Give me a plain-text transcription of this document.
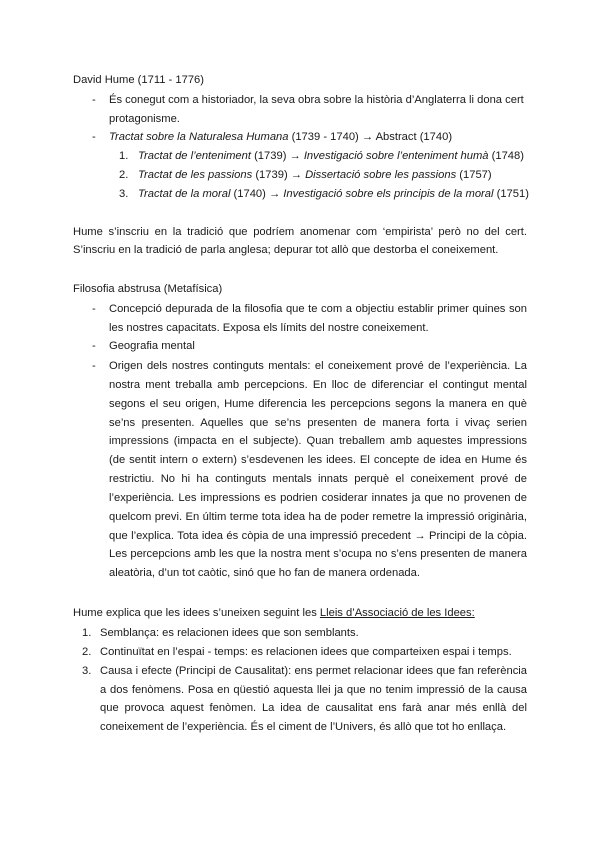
David Hume (1711 - 1776)

- És conegut com a historiador, la seva obra sobre la història d’Anglaterra li dona cert protagonisme.

- Tractat sobre la Naturalesa Humana (1739 - 1740) → Abstract (1740)

1. Tractat de l’enteniment (1739) → Investigació sobre l’enteniment humà (1748)

2. Tractat de les passions (1739) → Dissertació sobre les passions (1757)

3. Tractat de la moral (1740) → Investigació sobre els principis de la moral (1751)

Hume s’inscriu en la tradició que podríem anomenar com ‘empirista’ però no del cert. S’inscriu en la tradició de parla anglesa; depurar tot allò que destorba el coneixement.

Filosofia abstrusa (Metafísica)

- Concepció depurada de la filosofia que te com a objectiu establir primer quines son les nostres capacitats. Exposa els límits del nostre coneixement.

- Geografia mental

- Origen dels nostres continguts mentals: el coneixement prové de l’experiència. La nostra ment treballa amb percepcions. En lloc de diferenciar el contingut mental segons el seu origen, Hume diferencia les percepcions segons la manera en què se’ns presenten. Aquelles que se’ns presenten de manera forta i vivaç serien impressions (impacta en el subjecte). Quan treballem amb aquestes impressions (de sentit intern o extern) s’esdevenen les idees. El concepte de idea en Hume és restrictiu. No hi ha continguts mentals innats perquè el coneixement prové de l’experiència. Les impressions es podrien cosiderar innates ja que no provenen de quelcom previ. En últim terme tota idea ha de poder remetre la impressió originària, que l’explica. Tota idea és còpia de una impressió precedent → Principi de la còpia. Les percepcions amb les que la nostra ment s’ocupa no s’ens presenten de manera aleatòria, d’un tot caòtic, sinó que ho fan de manera ordenada.

Hume explica que les idees s’uneixen seguint les Lleis d’Associació de les Idees:

1. Semblança: es relacionen idees que son semblants.

2. Continuïtat en l’espai - temps: es relacionen idees que comparteixen espai i temps.

3. Causa i efecte (Principi de Causalitat): ens permet relacionar idees que fan referència a dos fenòmens. Posa en qüestió aquesta llei ja que no tenim impressió de la causa que provoca aquest fenòmen. La idea de causalitat ens farà anar més enllà del coneixement de l’experiència. És el ciment de l’Univers, és allò que tot ho enllaça.
